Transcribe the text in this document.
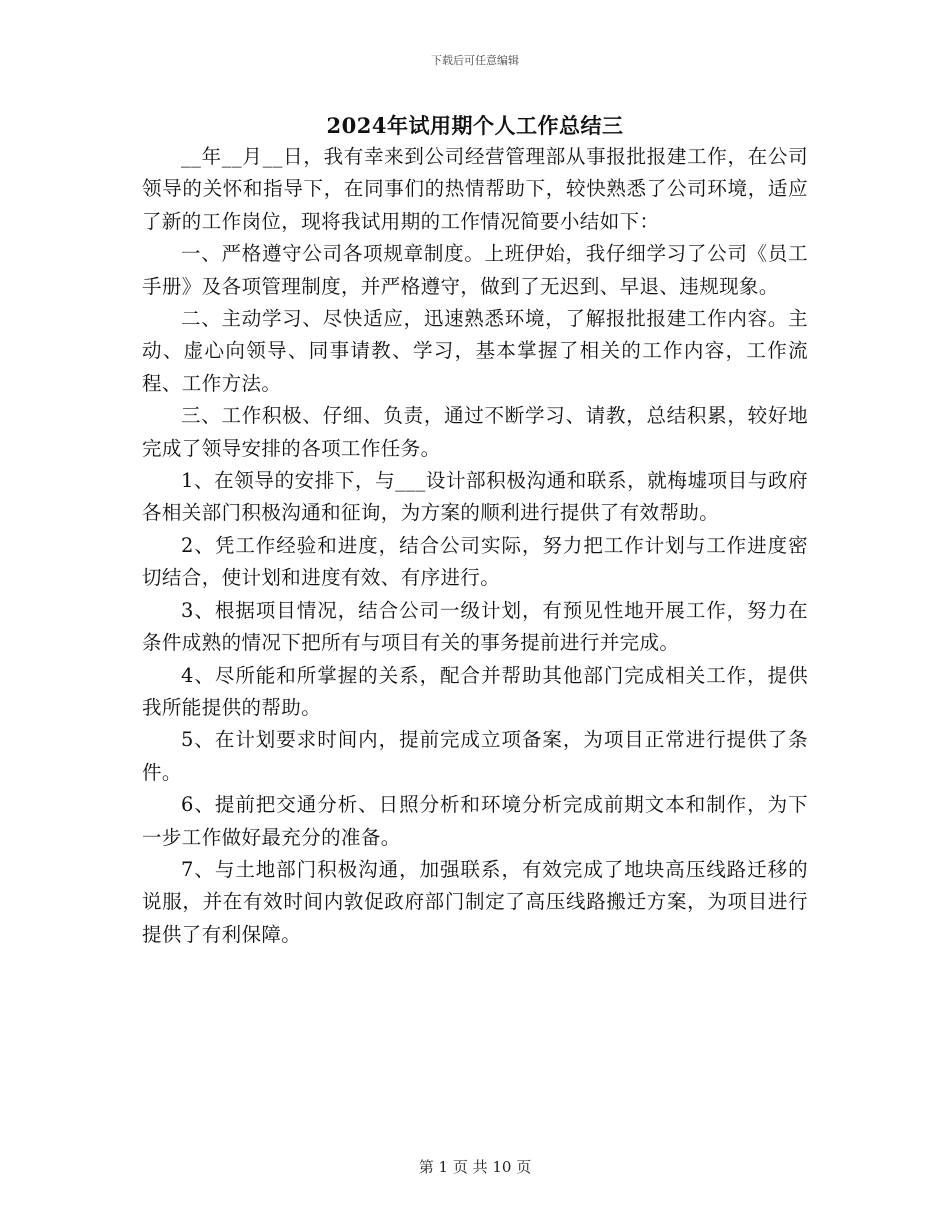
下载后可任意编辑
2024年试用期个人工作总结三

__年__月__日，我有幸来到公司经营管理部从事报批报建工作，在公司领导的关怀和指导下，在同事们的热情帮助下，较快熟悉了公司环境，适应了新的工作岗位，现将我试用期的工作情况简要小结如下：

一、严格遵守公司各项规章制度。上班伊始，我仔细学习了公司《员工手册》及各项管理制度，并严格遵守，做到了无迟到、早退、违规现象。

二、主动学习、尽快适应，迅速熟悉环境，了解报批报建工作内容。主动、虚心向领导、同事请教、学习，基本掌握了相关的工作内容，工作流程、工作方法。

三、工作积极、仔细、负责，通过不断学习、请教，总结积累，较好地完成了领导安排的各项工作任务。

1、在领导的安排下，与___设计部积极沟通和联系，就梅墟项目与政府各相关部门积极沟通和征询，为方案的顺利进行提供了有效帮助。

2、凭工作经验和进度，结合公司实际，努力把工作计划与工作进度密切结合，使计划和进度有效、有序进行。

3、根据项目情况，结合公司一级计划，有预见性地开展工作，努力在条件成熟的情况下把所有与项目有关的事务提前进行并完成。

4、尽所能和所掌握的关系，配合并帮助其他部门完成相关工作，提供我所能提供的帮助。

5、在计划要求时间内，提前完成立项备案，为项目正常进行提供了条件。

6、提前把交通分析、日照分析和环境分析完成前期文本和制作，为下一步工作做好最充分的准备。

7、与土地部门积极沟通，加强联系，有效完成了地块高压线路迁移的说服，并在有效时间内敦促政府部门制定了高压线路搬迁方案，为项目进行提供了有利保障。

第 1 页 共 10 页
